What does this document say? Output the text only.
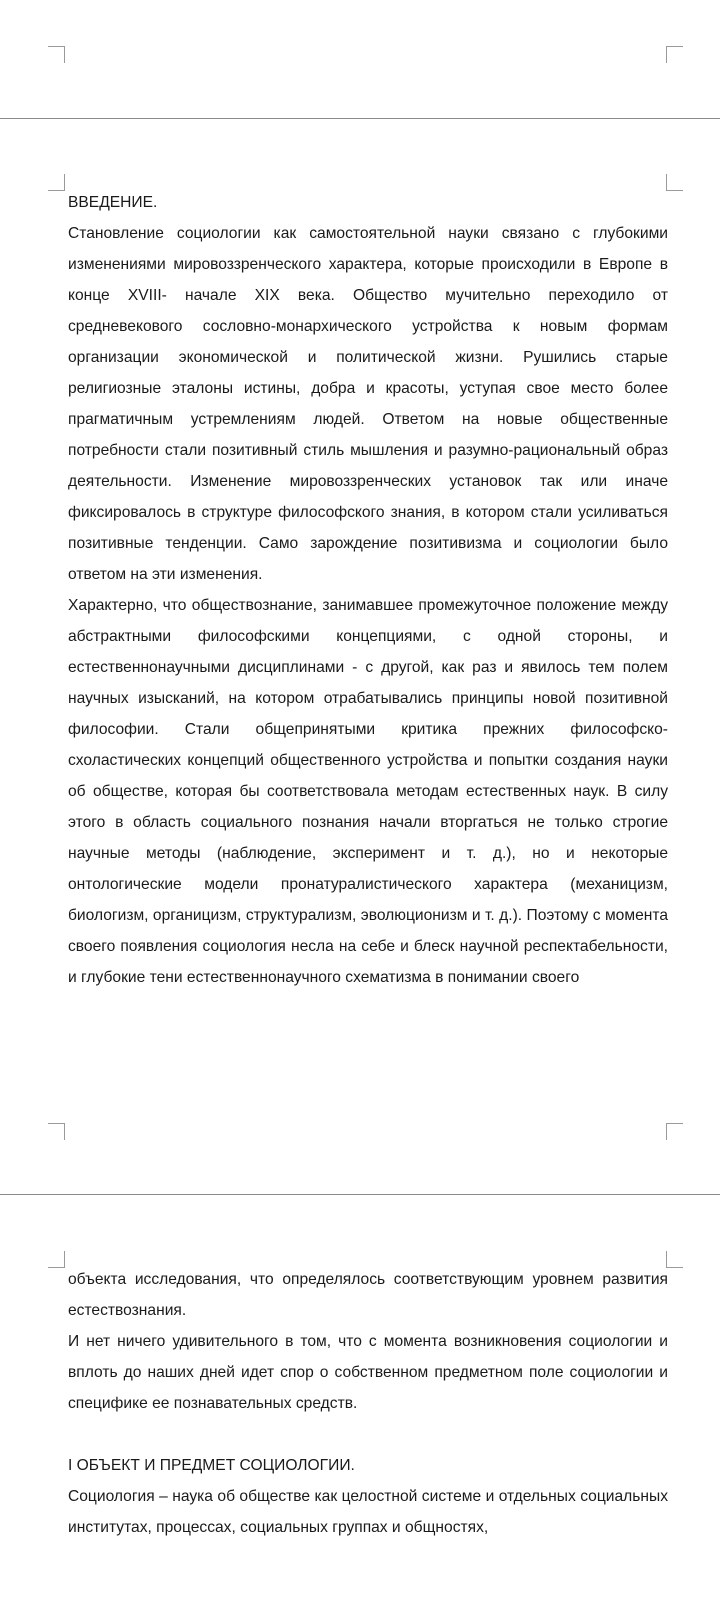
ВВЕДЕНИЕ.

Становление социологии как самостоятельной науки связано с глубокими изменениями мировоззренческого характера, которые происходили в Европе в конце XVIII- начале XIX века. Общество мучительно переходило от средневекового сословно-монархического устройства к новым формам организации экономической и политической жизни. Рушились старые религиозные эталоны истины, добра и красоты, уступая свое место более прагматичным устремлениям людей. Ответом на новые общественные потребности стали позитивный стиль мышления и разумно-рациональный образ деятельности. Изменение мировоззренческих установок так или иначе фиксировалось в структуре философского знания, в котором стали усиливаться позитивные тенденции. Само зарождение позитивизма и социологии было ответом на эти изменения.

Характерно, что обществознание, занимавшее промежуточное положение между абстрактными философскими концепциями, с одной стороны, и естественнонаучными дисциплинами - с другой, как раз и явилось тем полем научных изысканий, на котором отрабатывались принципы новой позитивной философии. Стали общепринятыми критика прежних философско-схоластических концепций общественного устройства и попытки создания науки об обществе, которая бы соответствовала методам естественных наук. В силу этого в область социального познания начали вторгаться не только строгие научные методы (наблюдение, эксперимент и т. д.), но и некоторые онтологические модели пронатуралистического характера (механицизм, биологизм, органицизм, структурализм, эволюционизм и т. д.). Поэтому с момента своего появления социология несла на себе и блеск научной респектабельности, и глубокие тени естественнонаучного схематизма в понимании своего

объекта исследования, что определялось соответствующим уровнем развития естествознания.

И нет ничего удивительного в том, что с момента возникновения социологии и вплоть до наших дней идет спор о собственном предметном поле социологии и специфике ее познавательных средств.

I ОБЪЕКТ И ПРЕДМЕТ СОЦИОЛОГИИ.

Социология – наука об обществе как целостной системе и отдельных социальных институтах, процессах, социальных группах и общностях,
